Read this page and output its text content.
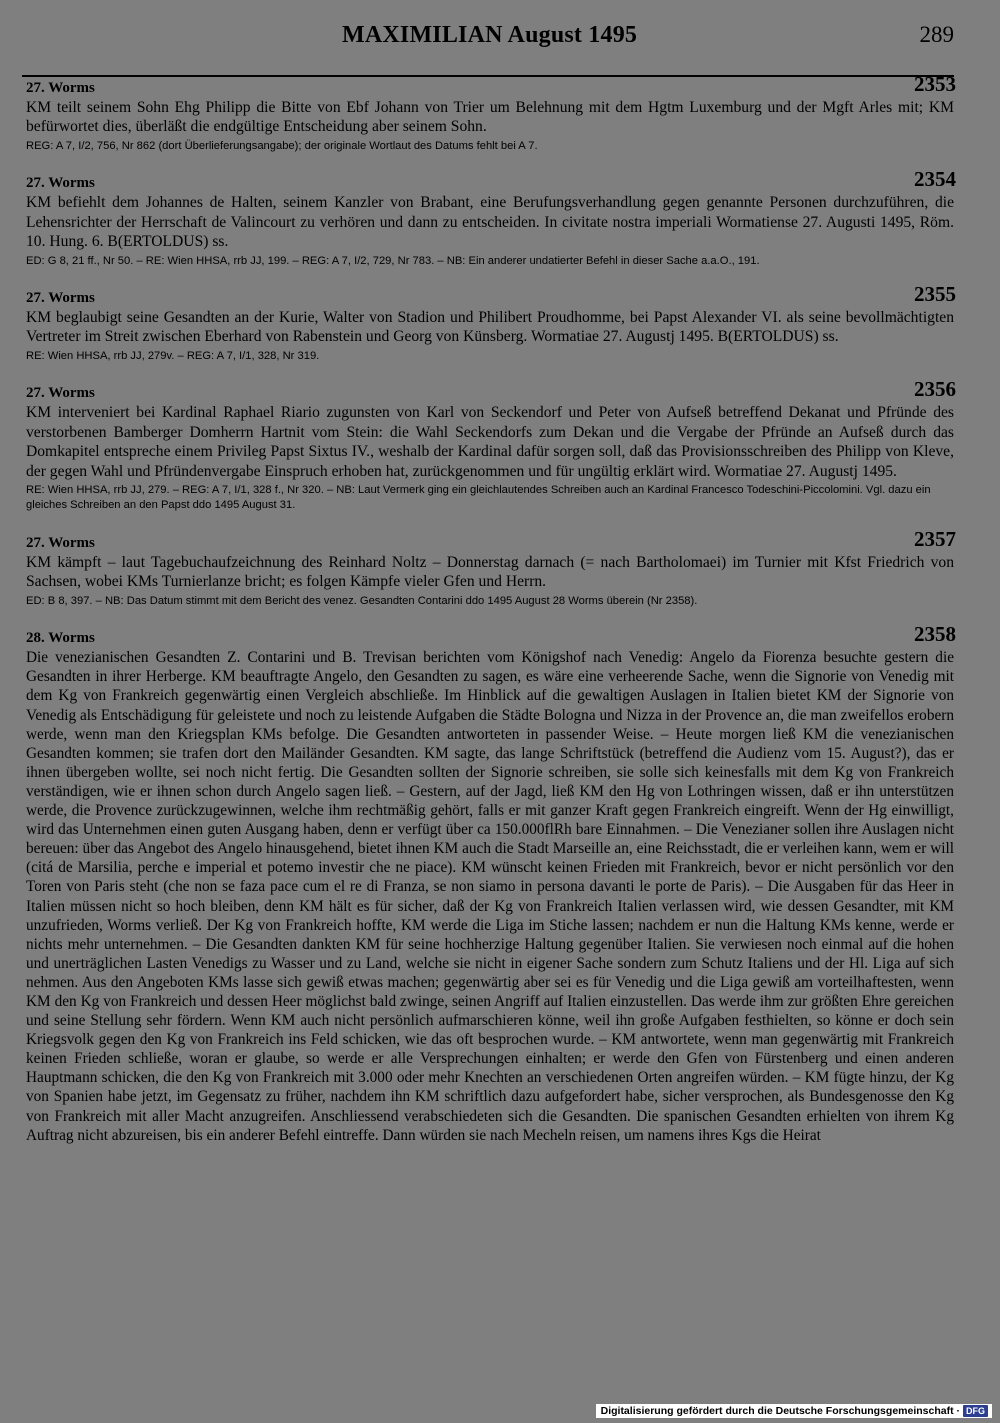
MAXIMILIAN August 1495	289
27. Worms	2353

KM teilt seinem Sohn Ehg Philipp die Bitte von Ebf Johann von Trier um Belehnung mit dem Hgtm Luxemburg und der Mgft Arles mit; KM befürwortet dies, überläßt die endgültige Entscheidung aber seinem Sohn.

REG: A 7, I/2, 756, Nr 862 (dort Überlieferungsangabe); der originale Wortlaut des Datums fehlt bei A 7.

27. Worms	2354

KM befiehlt dem Johannes de Halten, seinem Kanzler von Brabant, eine Berufungsverhandlung gegen genannte Personen durchzuführen, die Lehensrichter der Herrschaft de Valincourt zu verhören und dann zu entscheiden. In civitate nostra imperiali Wormatiense 27. Augusti 1495, Röm. 10. Hung. 6. B(ERTOLDUS) ss.

ED: G 8, 21 ff., Nr 50. – RE: Wien HHSA, rrb JJ, 199. – REG: A 7, I/2, 729, Nr 783. – NB: Ein anderer undatierter Befehl in dieser Sache a.a.O., 191.

27. Worms	2355

KM beglaubigt seine Gesandten an der Kurie, Walter von Stadion und Philibert Proudhomme, bei Papst Alexander VI. als seine bevollmächtigten Vertreter im Streit zwischen Eberhard von Rabenstein und Georg von Künsberg. Wormatiae 27. Augustj 1495. B(ERTOLDUS) ss.

RE: Wien HHSA, rrb JJ, 279v. – REG: A 7, I/1, 328, Nr 319.

27. Worms	2356

KM interveniert bei Kardinal Raphael Riario zugunsten von Karl von Seckendorf und Peter von Aufseß betreffend Dekanat und Pfründe des verstorbenen Bamberger Domherrn Hartnit vom Stein: die Wahl Seckendorfs zum Dekan und die Vergabe der Pfründe an Aufseß durch das Domkapitel entspreche einem Privileg Papst Sixtus IV., weshalb der Kardinal dafür sorgen soll, daß das Provisionsschreiben des Philipp von Kleve, der gegen Wahl und Pfründenvergabe Einspruch erhoben hat, zurückgenommen und für ungültig erklärt wird. Wormatiae 27. Augustj 1495.

RE: Wien HHSA, rrb JJ, 279. – REG: A 7, I/1, 328 f., Nr 320. – NB: Laut Vermerk ging ein gleichlautendes Schreiben auch an Kardinal Francesco Todeschini-Piccolomini. Vgl. dazu ein gleiches Schreiben an den Papst ddo 1495 August 31.

27. Worms	2357

KM kämpft – laut Tagebuchaufzeichnung des Reinhard Noltz – Donnerstag darnach (= nach Bartholomaei) im Turnier mit Kfst Friedrich von Sachsen, wobei KMs Turnierlanze bricht; es folgen Kämpfe vieler Gfen und Herrn.

ED: B 8, 397. – NB: Das Datum stimmt mit dem Bericht des venez. Gesandten Contarini ddo 1495 August 28 Worms überein (Nr 2358).

28. Worms	2358

Die venezianischen Gesandten Z. Contarini und B. Trevisan berichten vom Königshof nach Venedig: Angelo da Fiorenza besuchte gestern die Gesandten in ihrer Herberge. KM beauftragte Angelo, den Gesandten zu sagen, es wäre eine verheerende Sache, wenn die Signorie von Venedig mit dem Kg von Frankreich gegenwärtig einen Vergleich abschließe. Im Hinblick auf die gewaltigen Auslagen in Italien bietet KM der Signorie von Venedig als Entschädigung für geleistete und noch zu leistende Aufgaben die Städte Bologna und Nizza in der Provence an, die man zweifellos erobern werde, wenn man den Kriegsplan KMs befolge. Die Gesandten antworteten in passender Weise. – Heute morgen ließ KM die venezianischen Gesandten kommen; sie trafen dort den Mailänder Gesandten. KM sagte, das lange Schriftstück (betreffend die Audienz vom 15. August?), das er ihnen übergeben wollte, sei noch nicht fertig. Die Gesandten sollten der Signorie schreiben, sie solle sich keinesfalls mit dem Kg von Frankreich verständigen, wie er ihnen schon durch Angelo sagen ließ. – Gestern, auf der Jagd, ließ KM den Hg von Lothringen wissen, daß er ihn unterstützen werde, die Provence zurückzugewinnen, welche ihm rechtmäßig gehört, falls er mit ganzer Kraft gegen Frankreich eingreift. Wenn der Hg einwilligt, wird das Unternehmen einen guten Ausgang haben, denn er verfügt über ca 150.000flRh bare Einnahmen. – Die Venezianer sollen ihre Auslagen nicht bereuen: über das Angebot des Angelo hinausgehend, bietet ihnen KM auch die Stadt Marseille an, eine Reichsstadt, die er verleihen kann, wem er will (citá de Marsilia, perche e imperial et potemo investir che ne piace). KM wünscht keinen Frieden mit Frankreich, bevor er nicht persönlich vor den Toren von Paris steht (che non se faza pace cum el re di Franza, se non siamo in persona davanti le porte de Paris). – Die Ausgaben für das Heer in Italien müssen nicht so hoch bleiben, denn KM hält es für sicher, daß der Kg von Frankreich Italien verlassen wird, wie dessen Gesandter, mit KM unzufrieden, Worms verließ. Der Kg von Frankreich hoffte, KM werde die Liga im Stiche lassen; nachdem er nun die Haltung KMs kenne, werde er nichts mehr unternehmen. – Die Gesandten dankten KM für seine hochherzige Haltung gegenüber Italien. Sie verwiesen noch einmal auf die hohen und unerträglichen Lasten Venedigs zu Wasser und zu Land, welche sie nicht in eigener Sache sondern zum Schutz Italiens und der Hl. Liga auf sich nehmen. Aus den Angeboten KMs lasse sich gewiß etwas machen; gegenwärtig aber sei es für Venedig und die Liga gewiß am vorteilhaftesten, wenn KM den Kg von Frankreich und dessen Heer möglichst bald zwinge, seinen Angriff auf Italien einzustellen. Das werde ihm zur größten Ehre gereichen und seine Stellung sehr fördern. Wenn KM auch nicht persönlich aufmarschieren könne, weil ihn große Aufgaben festhielten, so könne er doch sein Kriegsvolk gegen den Kg von Frankreich ins Feld schicken, wie das oft besprochen wurde. – KM antwortete, wenn man gegenwärtig mit Frankreich keinen Frieden schließe, woran er glaube, so werde er alle Versprechungen einhalten; er werde den Gfen von Fürstenberg und einen anderen Hauptmann schicken, die den Kg von Frankreich mit 3.000 oder mehr Knechten an verschiedenen Orten angreifen würden. – KM fügte hinzu, der Kg von Spanien habe jetzt, im Gegensatz zu früher, nachdem ihn KM schriftlich dazu aufgefordert habe, sicher versprochen, als Bundesgenosse den Kg von Frankreich mit aller Macht anzugreifen. Anschliessend verabschiedeten sich die Gesandten. Die spanischen Gesandten erhielten von ihrem Kg Auftrag nicht abzureisen, bis ein anderer Befehl eintreffe. Dann würden sie nach Mecheln reisen, um namens ihres Kgs die Heirat

Digitalisierung gefördert durch die Deutsche Forschungsgemeinschaft · DFG
